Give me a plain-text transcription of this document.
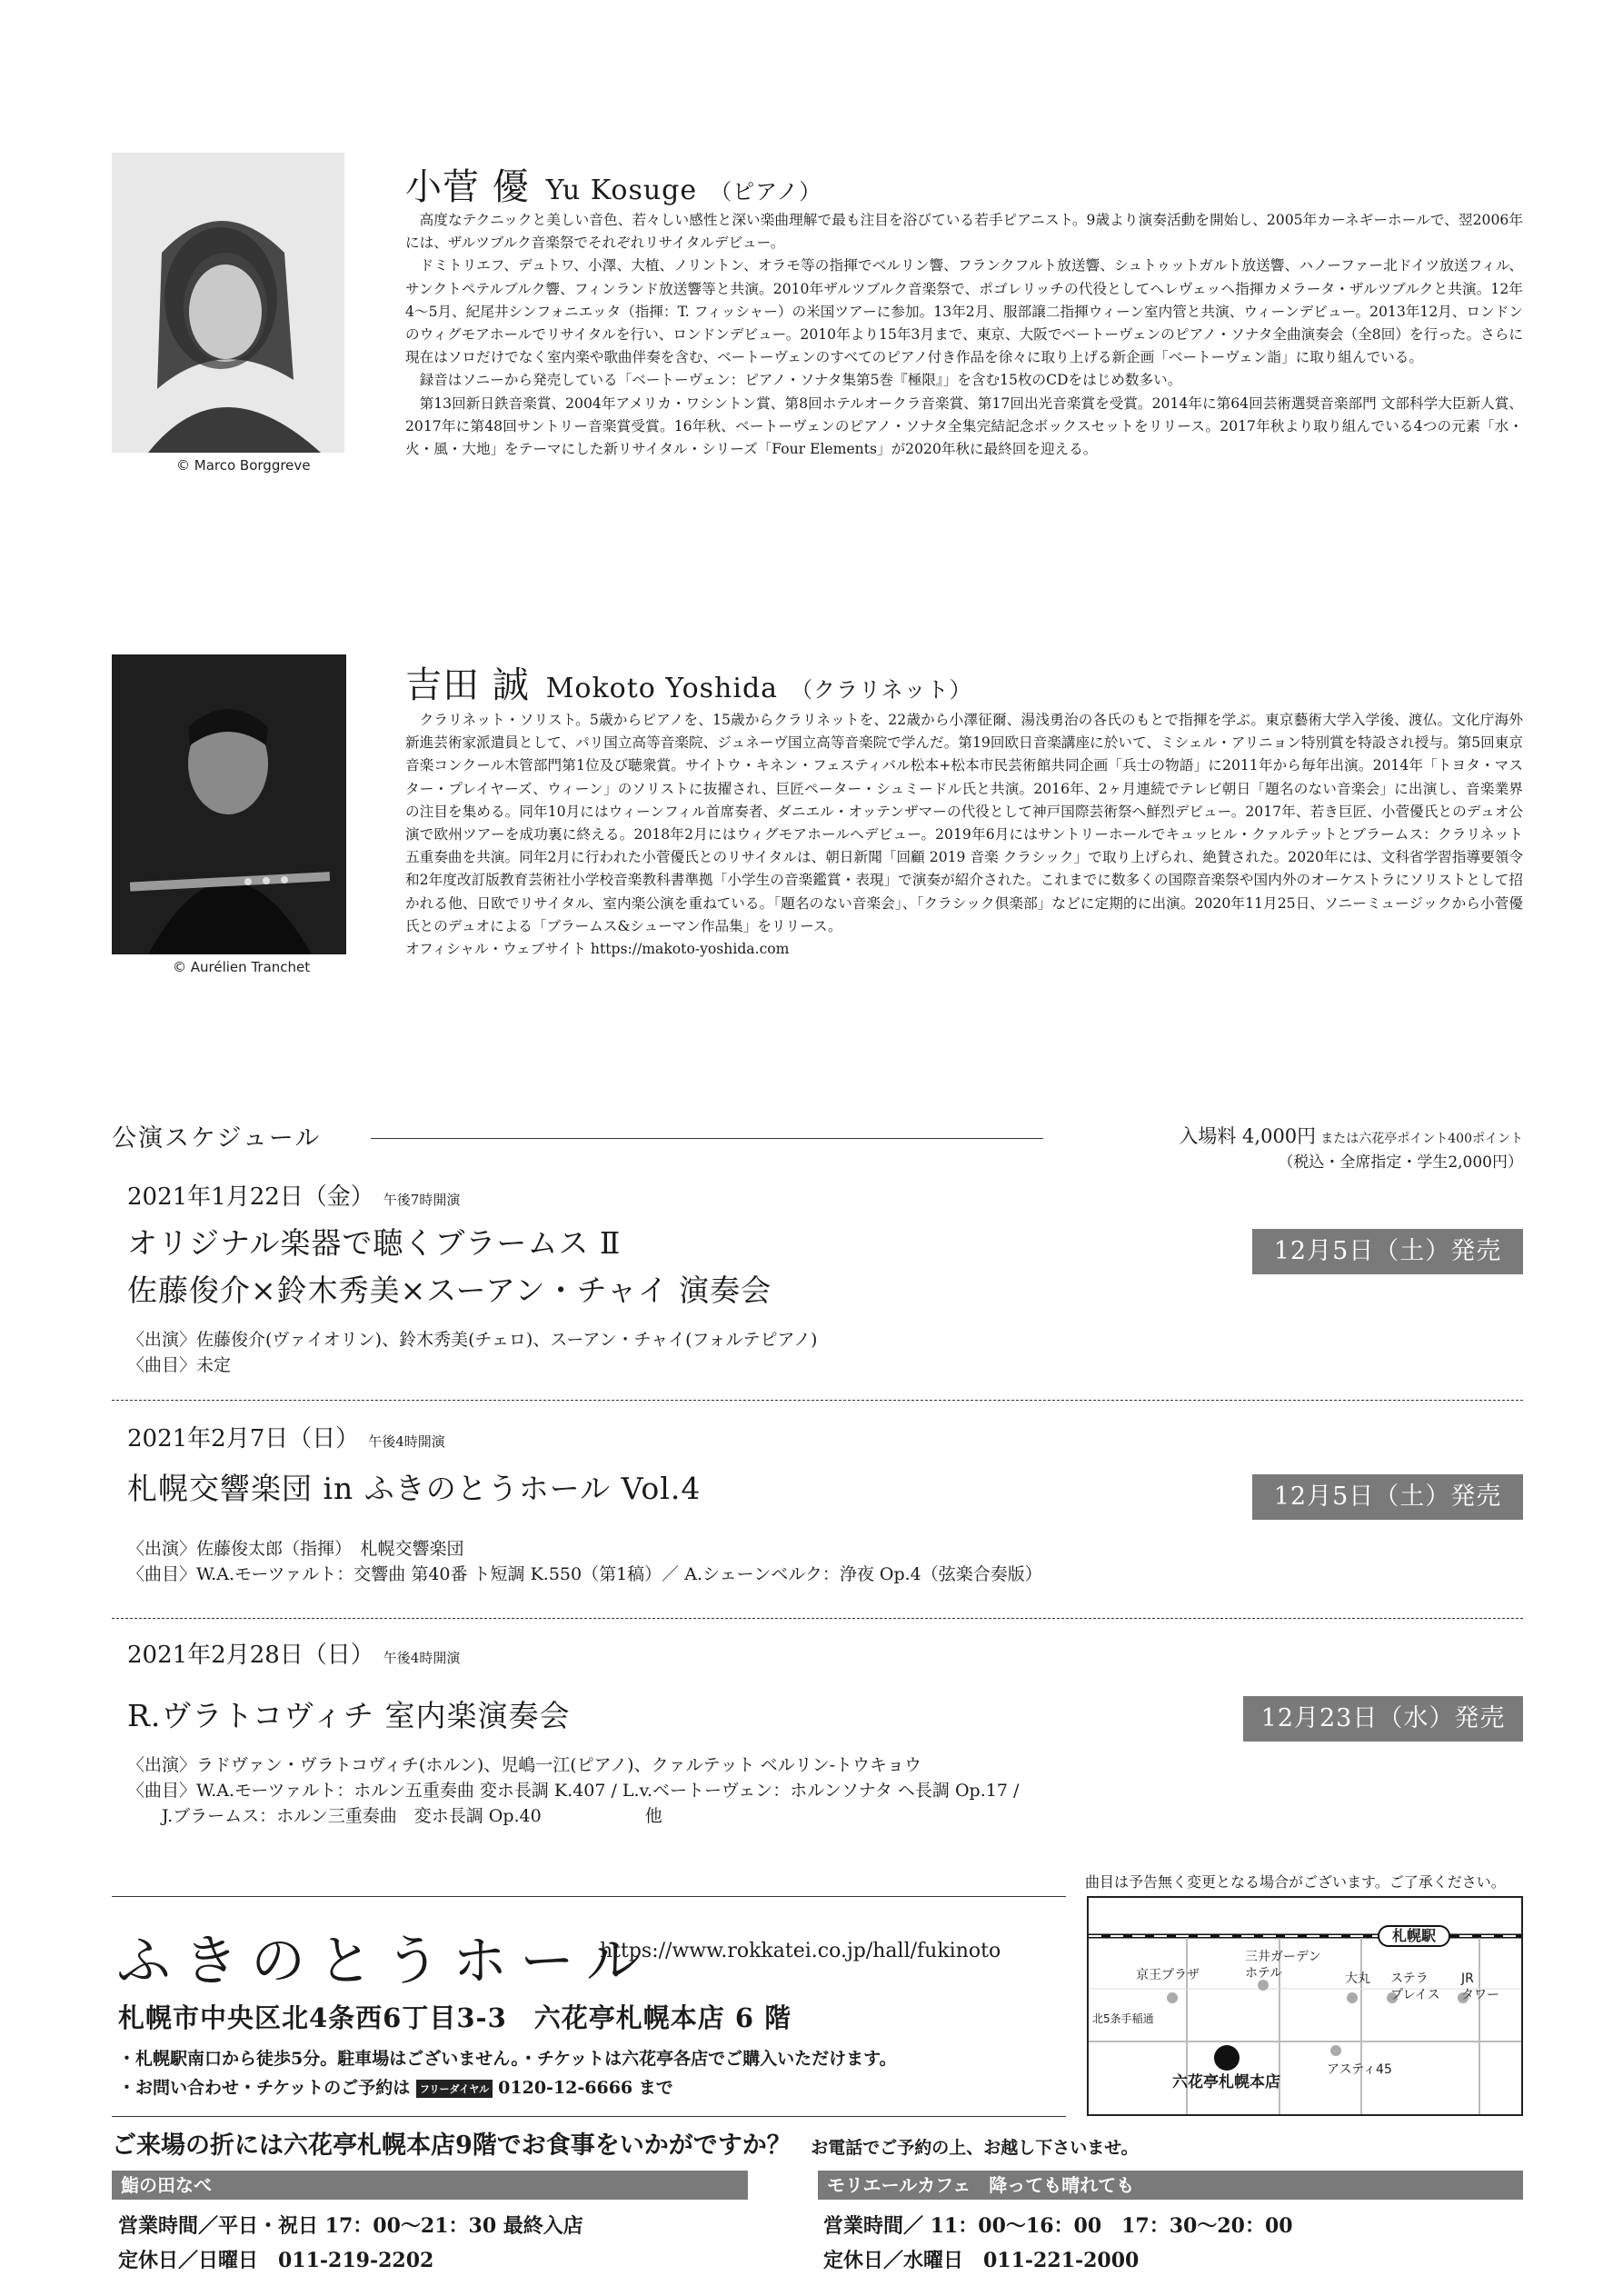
© Marco Borggreve
小菅 優 Yu Kosuge （ピアノ）

高度なテクニックと美しい音色、若々しい感性と深い楽曲理解で最も注目を浴びている若手ピアニスト。9歳より演奏活動を開始し、2005年カーネギーホールで、翌2006年には、ザルツブルク音楽祭でそれぞれリサイタルデビュー。

ドミトリエフ、デュトワ、小澤、大植、ノリントン、オラモ等の指揮でベルリン響、フランクフルト放送響、シュトゥットガルト放送響、ハノーファー北ドイツ放送フィル、サンクトペテルブルク響、フィンランド放送響等と共演。2010年ザルツブルク音楽祭で、ポゴレリッチの代役としてヘレヴェッヘ指揮カメラータ・ザルツブルクと共演。12年4〜5月、紀尾井シンフォニエッタ（指揮：T. フィッシャー）の米国ツアーに参加。13年2月、服部譲二指揮ウィーン室内管と共演、ウィーンデビュー。2013年12月、ロンドンのウィグモアホールでリサイタルを行い、ロンドンデビュー。2010年より15年3月まで、東京、大阪でベートーヴェンのピアノ・ソナタ全曲演奏会（全8回）を行った。さらに現在はソロだけでなく室内楽や歌曲伴奏を含む、ベートーヴェンのすべてのピアノ付き作品を徐々に取り上げる新企画「ベートーヴェン詣」に取り組んでいる。

録音はソニーから発売している「ベートーヴェン：ピアノ・ソナタ集第5巻『極限』」を含む15枚のCDをはじめ数多い。

第13回新日鉄音楽賞、2004年アメリカ・ワシントン賞、第8回ホテルオークラ音楽賞、第17回出光音楽賞を受賞。2014年に第64回芸術選奨音楽部門 文部科学大臣新人賞、2017年に第48回サントリー音楽賞受賞。16年秋、ベートーヴェンのピアノ・ソナタ全集完結記念ボックスセットをリリース。2017年秋より取り組んでいる4つの元素「水・火・風・大地」をテーマにした新リサイタル・シリーズ「Four Elements」が2020年秋に最終回を迎える。

© Aurélien Tranchet
吉田 誠 Mokoto Yoshida （クラリネット）

クラリネット・ソリスト。5歳からピアノを、15歳からクラリネットを、22歳から小澤征爾、湯浅勇治の各氏のもとで指揮を学ぶ。東京藝術大学入学後、渡仏。文化庁海外新進芸術家派遣員として、パリ国立高等音楽院、ジュネーヴ国立高等音楽院で学んだ。第19回欧日音楽講座に於いて、ミシェル・アリニョン特別賞を特設され授与。第5回東京音楽コンクール木管部門第1位及び聴衆賞。サイトウ・キネン・フェスティバル松本+松本市民芸術館共同企画「兵士の物語」に2011年から毎年出演。2014年「トヨタ・マスター・プレイヤーズ、ウィーン」のソリストに抜擢され、巨匠ペーター・シュミードル氏と共演。2016年、2ヶ月連続でテレビ朝日「題名のない音楽会」に出演し、音楽業界の注目を集める。同年10月にはウィーンフィル首席奏者、ダニエル・オッテンザマーの代役として神戸国際芸術祭へ鮮烈デビュー。2017年、若き巨匠、小菅優氏とのデュオ公演で欧州ツアーを成功裏に終える。2018年2月にはウィグモアホールへデビュー。2019年6月にはサントリーホールでキュッヒル・クァルテットとブラームス：クラリネット五重奏曲を共演。同年2月に行われた小菅優氏とのリサイタルは、朝日新聞「回顧 2019 音楽 クラシック」で取り上げられ、絶賛された。2020年には、文科省学習指導要領令和2年度改訂版教育芸術社小学校音楽教科書準拠「小学生の音楽鑑賞・表現」で演奏が紹介された。これまでに数多くの国際音楽祭や国内外のオーケストラにソリストとして招かれる他、日欧でリサイタル、室内楽公演を重ねている。「題名のない音楽会」、「クラシック倶楽部」などに定期的に出演。2020年11月25日、ソニーミュージックから小菅優氏とのデュオによる「ブラームス&シューマン作品集」をリリース。

オフィシャル・ウェブサイト https://makoto-yoshida.com

公演スケジュール	入場料 4,000円 または六花亭ポイント400ポイント
（税込・全席指定・学生2,000円）
2021年1月22日（金） 午後7時開演
オリジナル楽器で聴くブラームス Ⅱ
佐藤俊介×鈴木秀美×スーアン・チャイ 演奏会
12月5日（土）発売
〈出演〉佐藤俊介(ヴァイオリン)、鈴木秀美(チェロ)、スーアン・チャイ(フォルテピアノ)
〈曲目〉未定
2021年2月7日（日） 午後4時開演
札幌交響楽団 in ふきのとうホール Vol.4	12月5日（土）発売
〈出演〉佐藤俊太郎（指揮）　札幌交響楽団
〈曲目〉W.A.モーツァルト：交響曲 第40番 ト短調 K.550（第1稿）／ A.シェーンベルク：浄夜 Op.4（弦楽合奏版）
2021年2月28日（日） 午後4時開演
R.ヴラトコヴィチ 室内楽演奏会	12月23日（水）発売
〈出演〉ラドヴァン・ヴラトコヴィチ(ホルン)、児嶋一江(ピアノ)、クァルテット ベルリン-トウキョウ
〈曲目〉W.A.モーツァルト：ホルン五重奏曲 変ホ長調 K.407 / L.v.ベートーヴェン：ホルンソナタ ヘ長調 Op.17 /
　　J.ブラームス：ホルン三重奏曲　変ホ長調 Op.40　　　　　　他
ふきのとうホール
https://www.rokkatei.co.jp/hall/fukinoto
札幌市中央区北4条西6丁目3-3　六花亭札幌本店 6 階
・札幌駅南口から徒歩5分。駐車場はございません。・チケットは六花亭各店でご購入いただけます。
・お問い合わせ・チケットのご予約は フリーダイヤル 0120-12-6666 まで
曲目は予告無く変更となる場合がございます。ご了承ください。
札幌駅
京王プラザ
三井ガーデン
ホテル	大丸 ステラ
プレイス
JR
タワー
北5条手稲通
アスティ45
六花亭札幌本店
ご来場の折には六花亭札幌本店9階でお食事をいかがですか？ お電話でご予約の上、お越し下さいませ。
鮨の田なべ
営業時間／平日・祝日 17：00〜21：30 最終入店
定休日／日曜日　011-219-2202
モリエールカフェ　降っても晴れても
営業時間／ 11：00〜16：00　17：30〜20：00
定休日／水曜日　011-221-2000
